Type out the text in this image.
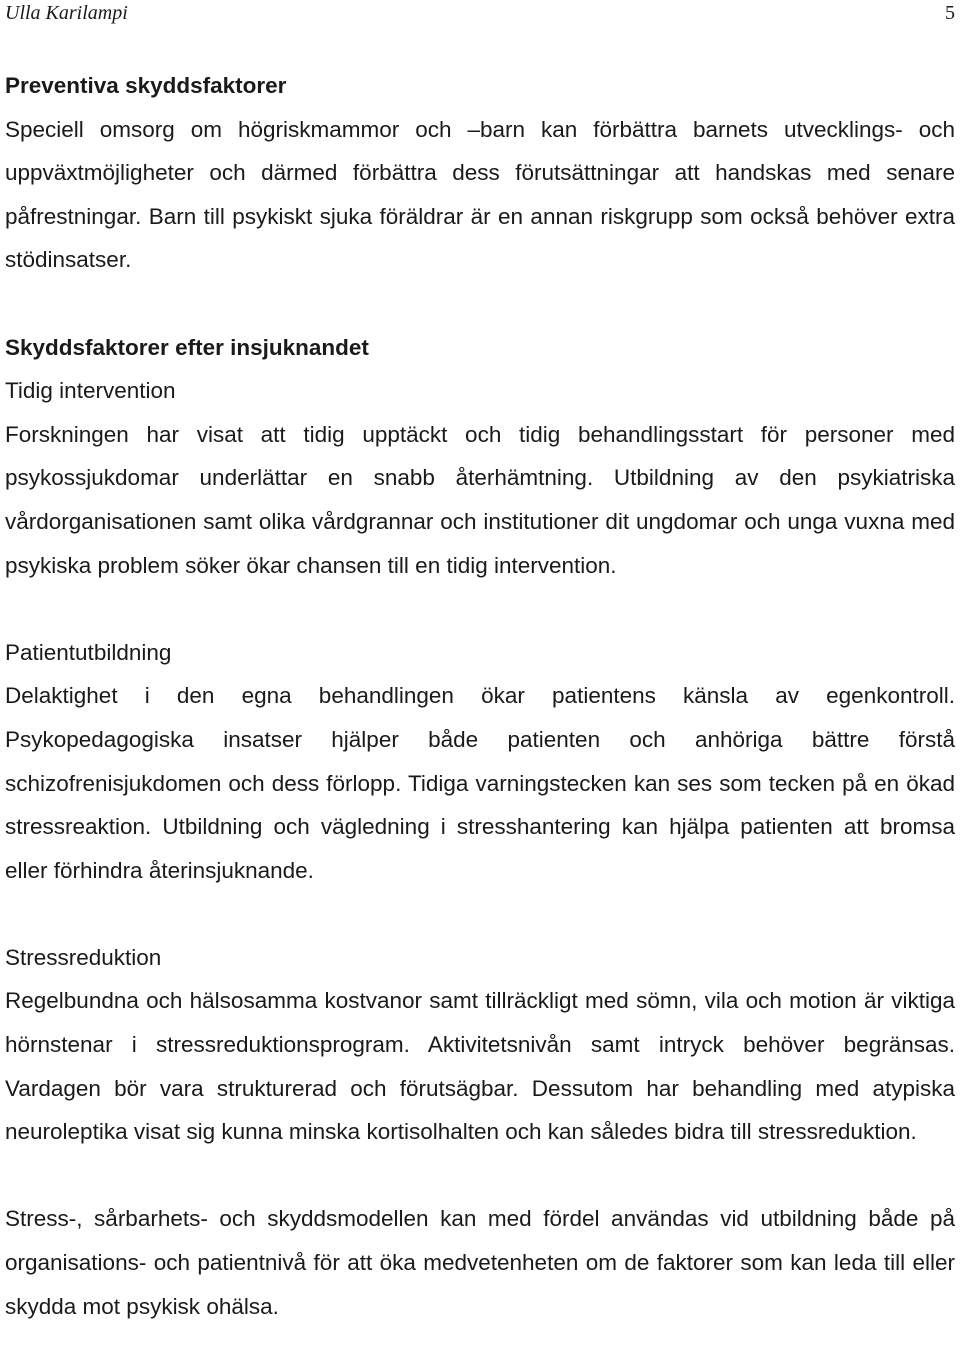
Ulla Karilampi	5
Preventiva skyddsfaktorer

Speciell omsorg om högriskmammor och –barn kan förbättra barnets utvecklings- och uppväxtmöjligheter och därmed förbättra dess förutsättningar att handskas med senare påfrestningar. Barn till psykiskt sjuka föräldrar är en annan riskgrupp som också behöver extra stödinsatser.

Skyddsfaktorer efter insjuknandet
Tidig intervention

Forskningen har visat att tidig upptäckt och tidig behandlingsstart för personer med psykossjukdomar underlättar en snabb återhämtning. Utbildning av den psykiatriska vårdorganisationen samt olika vårdgrannar och institutioner dit ungdomar och unga vuxna med psykiska problem söker ökar chansen till en tidig intervention.

Patientutbildning

Delaktighet i den egna behandlingen ökar patientens känsla av egenkontroll. Psykopedagogiska insatser hjälper både patienten och anhöriga bättre förstå schizofrenisjukdomen och dess förlopp. Tidiga varningstecken kan ses som tecken på en ökad stressreaktion. Utbildning och vägledning i stresshantering kan hjälpa patienten att bromsa eller förhindra återinsjuknande.

Stressreduktion

Regelbundna och hälsosamma kostvanor samt tillräckligt med sömn, vila och motion är viktiga hörnstenar i stressreduktionsprogram. Aktivitetsnivån samt intryck behöver begränsas. Vardagen bör vara strukturerad och förutsägbar. Dessutom har behandling med atypiska neuroleptika visat sig kunna minska kortisolhalten och kan således bidra till stressreduktion.

Stress-, sårbarhets- och skyddsmodellen kan med fördel användas vid utbildning både på organisations- och patientnivå för att öka medvetenheten om de faktorer som kan leda till eller skydda mot psykisk ohälsa.
